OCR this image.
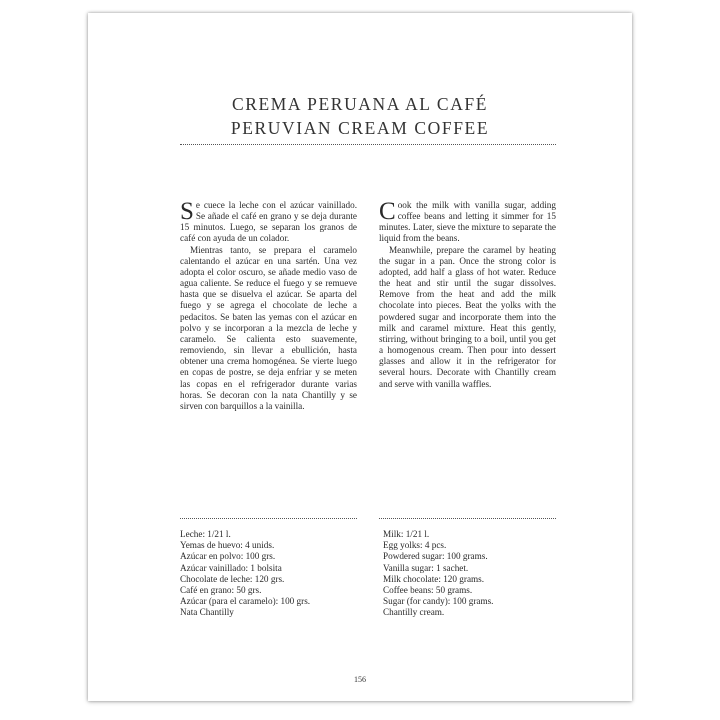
CREMA PERUANA AL CAFÉ
PERUVIAN CREAM COFFEE

Se cuece la leche con el azúcar vainillado. Se añade el café en grano y se deja durante 15 minutos. Luego, se separan los granos de café con ayuda de un colador.

Mientras tanto, se prepara el caramelo calentando el azúcar en una sartén. Una vez adopta el color oscuro, se añade medio vaso de agua caliente. Se reduce el fuego y se remueve hasta que se disuelva el azúcar. Se aparta del fuego y se agrega el chocolate de leche a pedacitos. Se baten las yemas con el azúcar en polvo y se incorporan a la mezcla de leche y caramelo. Se calienta esto suavemente, removiendo, sin llevar a ebullición, hasta obtener una crema homogénea. Se vierte luego en copas de postre, se deja enfriar y se meten las copas en el refrigerador durante varias horas. Se decoran con la nata Chantilly y se sirven con barquillos a la vainilla.

Cook the milk with vanilla sugar, adding coffee beans and letting it simmer for 15 minutes. Later, sieve the mixture to separate the liquid from the beans.

Meanwhile, prepare the caramel by heating the sugar in a pan. Once the strong color is adopted, add half a glass of hot water. Reduce the heat and stir until the sugar dissolves. Remove from the heat and add the milk chocolate into pieces. Beat the yolks with the powdered sugar and incorporate them into the milk and caramel mixture. Heat this gently, stirring, without bringing to a boil, until you get a homogenous cream. Then pour into dessert glasses and allow it in the refrigerator for several hours. Decorate with Chantilly cream and serve with vanilla waffles.

Leche: 1/21 l.
Yemas de huevo: 4 unids.
Azúcar en polvo: 100 grs.
Azúcar vainillado: 1 bolsita
Chocolate de leche: 120 grs.
Café en grano: 50 grs.
Azúcar (para el caramelo): 100 grs.
Nata Chantilly
Milk: 1/21 l.
Egg yolks: 4 pcs.
Powdered sugar: 100 grams.
Vanilla sugar: 1 sachet.
Milk chocolate: 120 grams.
Coffee beans: 50 grams.
Sugar (for candy): 100 grams.
Chantilly cream.
156
